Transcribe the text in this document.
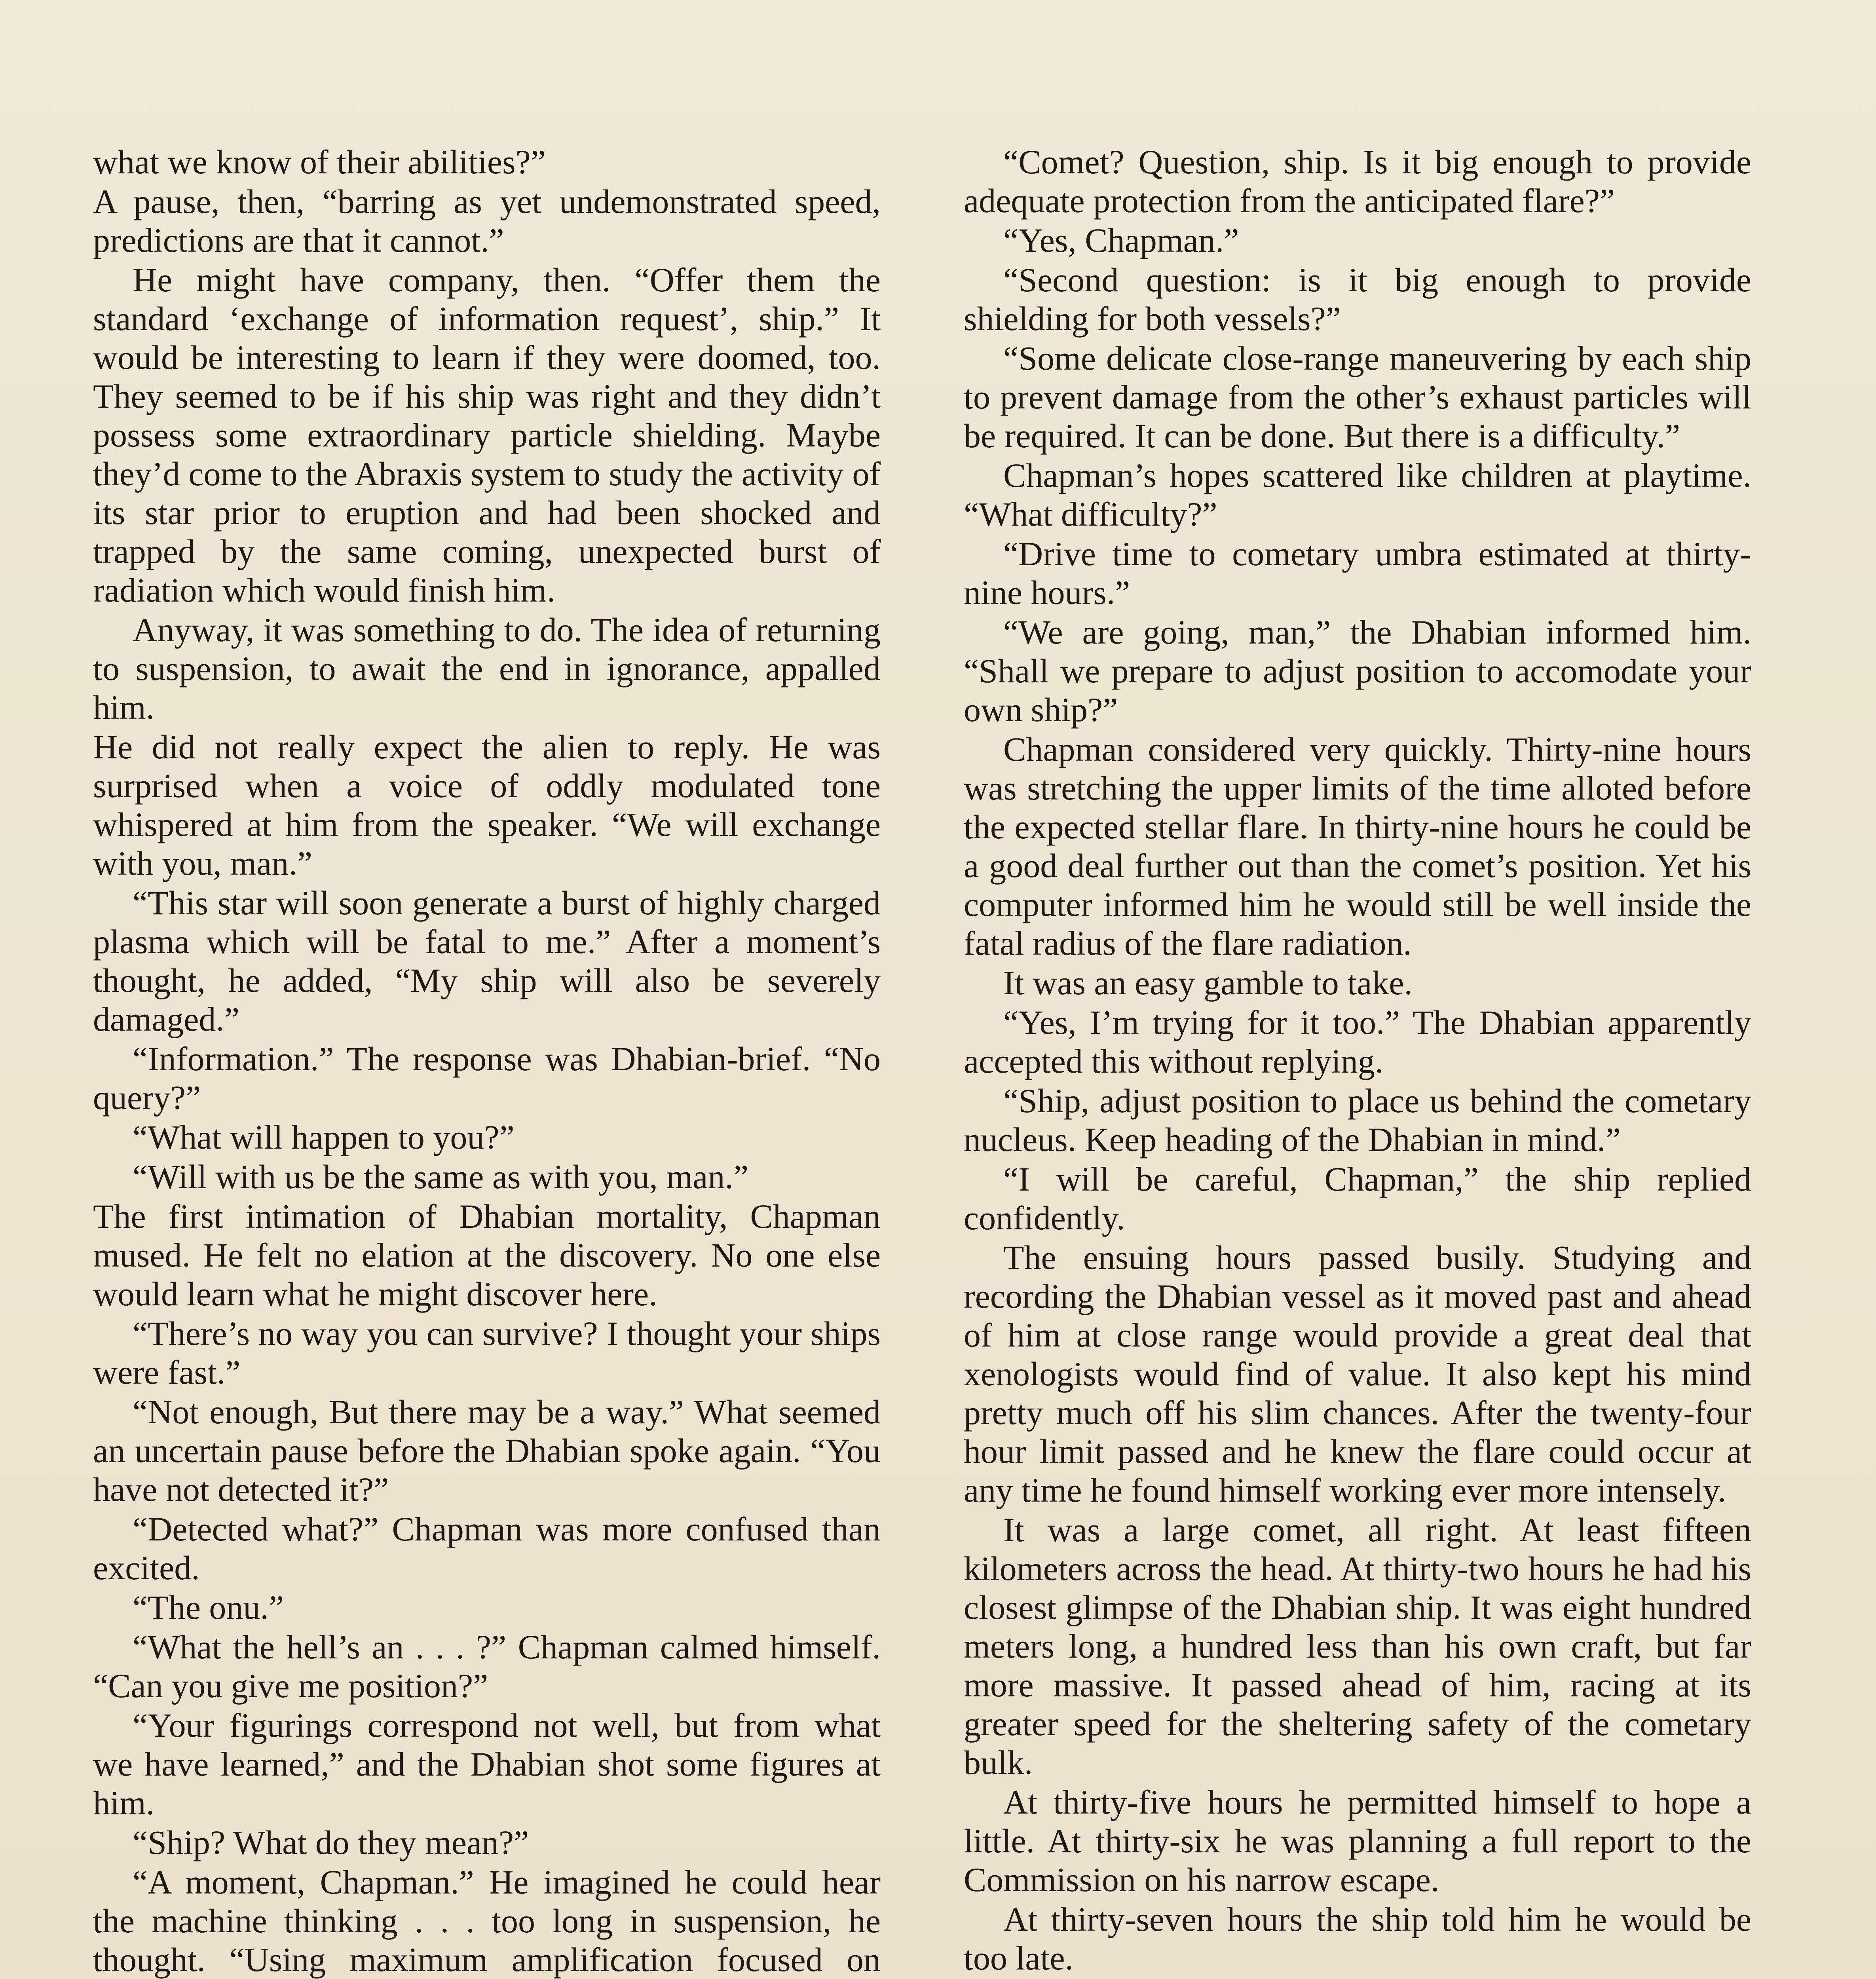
what we know of their abilities?”

A pause, then, “barring as yet undemonstrated speed, predictions are that it cannot.”

He might have company, then. “Offer them the standard ‘exchange of information request’, ship.” It would be interesting to learn if they were doomed, too. They seemed to be if his ship was right and they didn’t possess some extraordinary particle shielding. Maybe they’d come to the Abraxis system to study the activity of its star prior to eruption and had been shocked and trapped by the same coming, unexpected burst of radiation which would finish him.

Anyway, it was something to do. The idea of returning to suspension, to await the end in ignorance, appalled him.

He did not really expect the alien to reply. He was surprised when a voice of oddly modulated tone whispered at him from the speaker. “We will exchange with you, man.”

“This star will soon generate a burst of highly charged plasma which will be fatal to me.” After a moment’s thought, he added, “My ship will also be severely damaged.”

“Information.” The response was Dhabian-brief. “No query?”

“What will happen to you?”

“Will with us be the same as with you, man.”

The first intimation of Dhabian mortality, Chapman mused. He felt no elation at the discovery. No one else would learn what he might discover here.

“There’s no way you can survive? I thought your ships were fast.”

“Not enough, But there may be a way.” What seemed an uncertain pause before the Dhabian spoke again. “You have not detected it?”

“Detected what?” Chapman was more confused than excited.

“The onu.”

“What the hell’s an . . . ?” Chapman calmed himself. “Can you give me position?”

“Your figurings correspond not well, but from what we have learned,” and the Dhabian shot some figures at him.

“Ship? What do they mean?”

“A moment, Chapman.” He imagined he could hear the machine thinking . . . too long in suspension, he thought. “Using maximum amplification focused on

“Comet? Question, ship. Is it big enough to provide adequate protection from the anticipated flare?”

“Yes, Chapman.”

“Second question: is it big enough to provide shielding for both vessels?”

“Some delicate close-range maneuvering by each ship to prevent damage from the other’s exhaust particles will be required. It can be done. But there is a difficulty.”

Chapman’s hopes scattered like children at playtime. “What difficulty?”

“Drive time to cometary umbra estimated at thirty-nine hours.”

“We are going, man,” the Dhabian informed him. “Shall we prepare to adjust position to accomodate your own ship?”

Chapman considered very quickly. Thirty-nine hours was stretching the upper limits of the time alloted before the expected stellar flare. In thirty-nine hours he could be a good deal further out than the comet’s position. Yet his computer informed him he would still be well inside the fatal radius of the flare radiation.

It was an easy gamble to take.

“Yes, I’m trying for it too.” The Dhabian apparently accepted this without replying.

“Ship, adjust position to place us behind the cometary nucleus. Keep heading of the Dhabian in mind.”

“I will be careful, Chapman,” the ship replied confidently.

The ensuing hours passed busily. Studying and recording the Dhabian vessel as it moved past and ahead of him at close range would provide a great deal that xenologists would find of value. It also kept his mind pretty much off his slim chances. After the twenty-four hour limit passed and he knew the flare could occur at any time he found himself working ever more intensely.

It was a large comet, all right. At least fifteen kilometers across the head. At thirty-two hours he had his closest glimpse of the Dhabian ship. It was eight hundred meters long, a hundred less than his own craft, but far more massive. It passed ahead of him, racing at its greater speed for the sheltering safety of the cometary bulk.

At thirty-five hours he permitted himself to hope a little. At thirty-six he was planning a full report to the Commission on his narrow escape.

At thirty-seven hours the ship told him he would be too late.
